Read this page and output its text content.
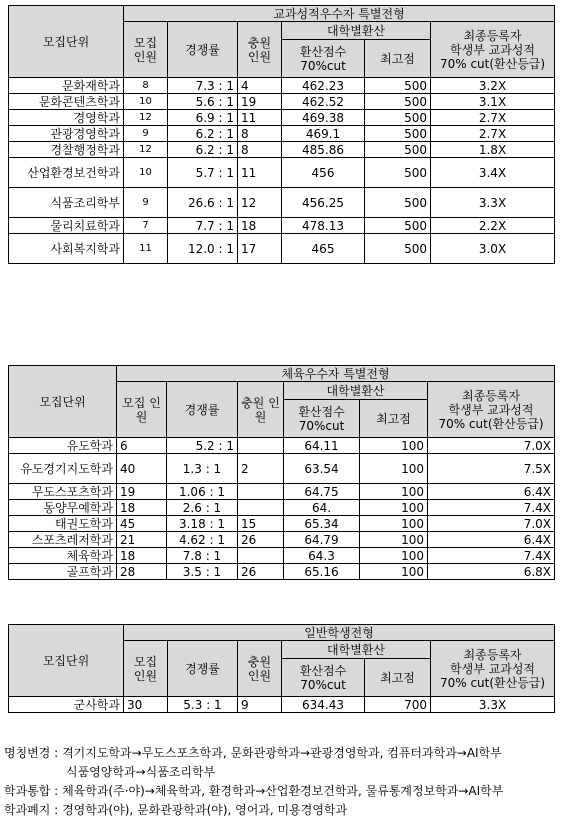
모집단위	교과성적우수자 특별전형					
	모집 인원	경쟁률	충원 인원	대학별환산		최종등록자
학생부 교과성적
70% cut(환산등급)

				환산점수 70%cut	최고점	
문화재학과	8	7.3 : 1	4	462.23	500	3.2X
문화콘텐츠학과	10	5.6 : 1	19	462.52	500	3.1X
경영학과	12	6.9 : 1	11	469.38	500	2.7X
관광경영학과	9	6.2 : 1	8	469.1	500	2.7X
경찰행정학과	12	6.2 : 1	8	485.86	500	1.8X
산업환경보건학과	10	5.7 : 1	11	456	500	3.4X
식품조리학부	9	26.6 : 1	12	456.25	500	3.3X
물리치료학과	7	7.7 : 1	18	478.13	500	2.2X
사회복지학과	11	12.0 : 1	17	465	500	3.0X
모집단위	체육우수자 특별전형					
	모집 인원	경쟁률	충원 인원	대학별환산		최종등록자
학생부 교과성적
70% cut(환산등급)

				환산점수 70%cut	최고점	
유도학과	6	5.2 : 1		64.11	100	7.0X
유도경기지도학과	40	1.3 : 1	2	63.54	100	7.5X
무도스포츠학과	19	1.06 : 1		64.75	100	6.4X
동양무예학과	18	2.6 : 1		64.	100	7.4X
태권도학과	45	3.18 : 1	15	65.34	100	7.0X
스포츠레저학과	21	4.62 : 1	26	64.79	100	6.4X
체육학과	18	7.8 : 1		64.3	100	7.4X
골프학과	28	3.5 : 1	26	65.16	100	6.8X
모집단위	일반학생전형					
	모집 인원	경쟁률	충원 인원	대학별환산		최종등록자
학생부 교과성적
70% cut(환산등급)

				환산점수 70%cut	최고점	
군사학과	30	5.3 : 1	9	634.43	700	3.3X
명칭변경 : 격기지도학과→무도스포츠학과, 문화관광학과→관광경영학과, 컴퓨터과학과→AI학부
식품영양학과→식품조리학부
학과통합 : 체육학과(주·야)→체육학과, 환경학과→산업환경보건학과, 물류통계정보학과→AI학부
학과폐지 : 경영학과(야), 문화관광학과(야), 영어과, 미용경영학과
